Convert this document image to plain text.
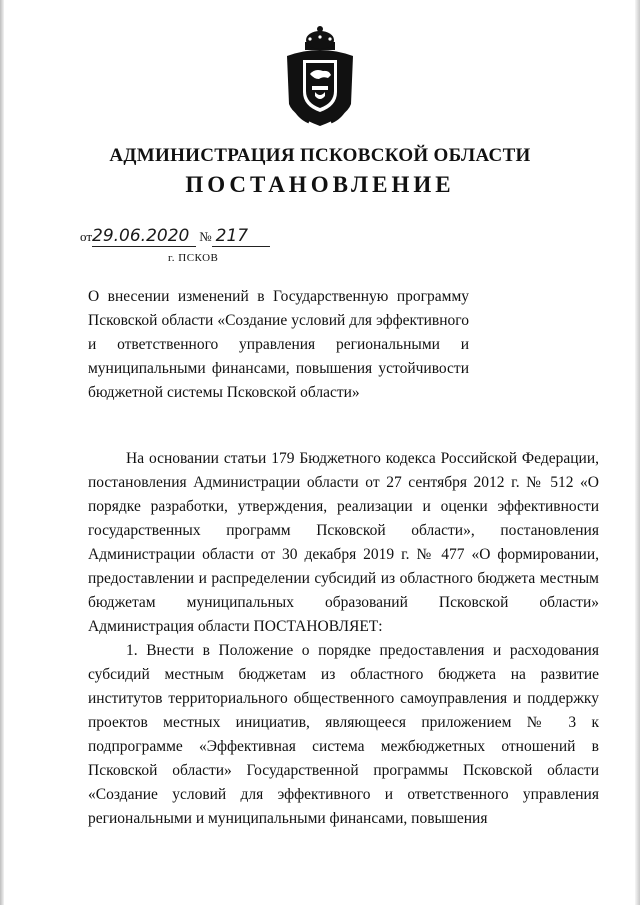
АДМИНИСТРАЦИЯ ПСКОВСКОЙ ОБЛАСТИ
ПОСТАНОВЛЕНИЕ
от29.06.2020 № 217
г. ПСКОВ
О внесении изменений в Государственную программу Псковской области «Создание условий для эффективного и ответственного управления региональными и муниципальными финансами, повышения устойчивости бюджетной системы Псковской области»

На основании статьи 179 Бюджетного кодекса Российской Федерации, постановления Администрации области от 27 сентября 2012 г. № 512 «О порядке разработки, утверждения, реализации и оценки эффективности государственных программ Псковской области», постановления Администрации области от 30 декабря 2019 г. № 477 «О формировании, предоставлении и распределении субсидий из областного бюджета местным бюджетам муниципальных образований Псковской области» Администрация области ПОСТАНОВЛЯЕТ:

1. Внести в Положение о порядке предоставления и расходования субсидий местным бюджетам из областного бюджета на развитие институтов территориального общественного самоуправления и поддержку проектов местных инициатив, являющееся приложением № 3 к подпрограмме «Эффективная система межбюджетных отношений в Псковской области» Государственной программы Псковской области «Создание условий для эффективного и ответственного управления региональными и муниципальными финансами, повышения
